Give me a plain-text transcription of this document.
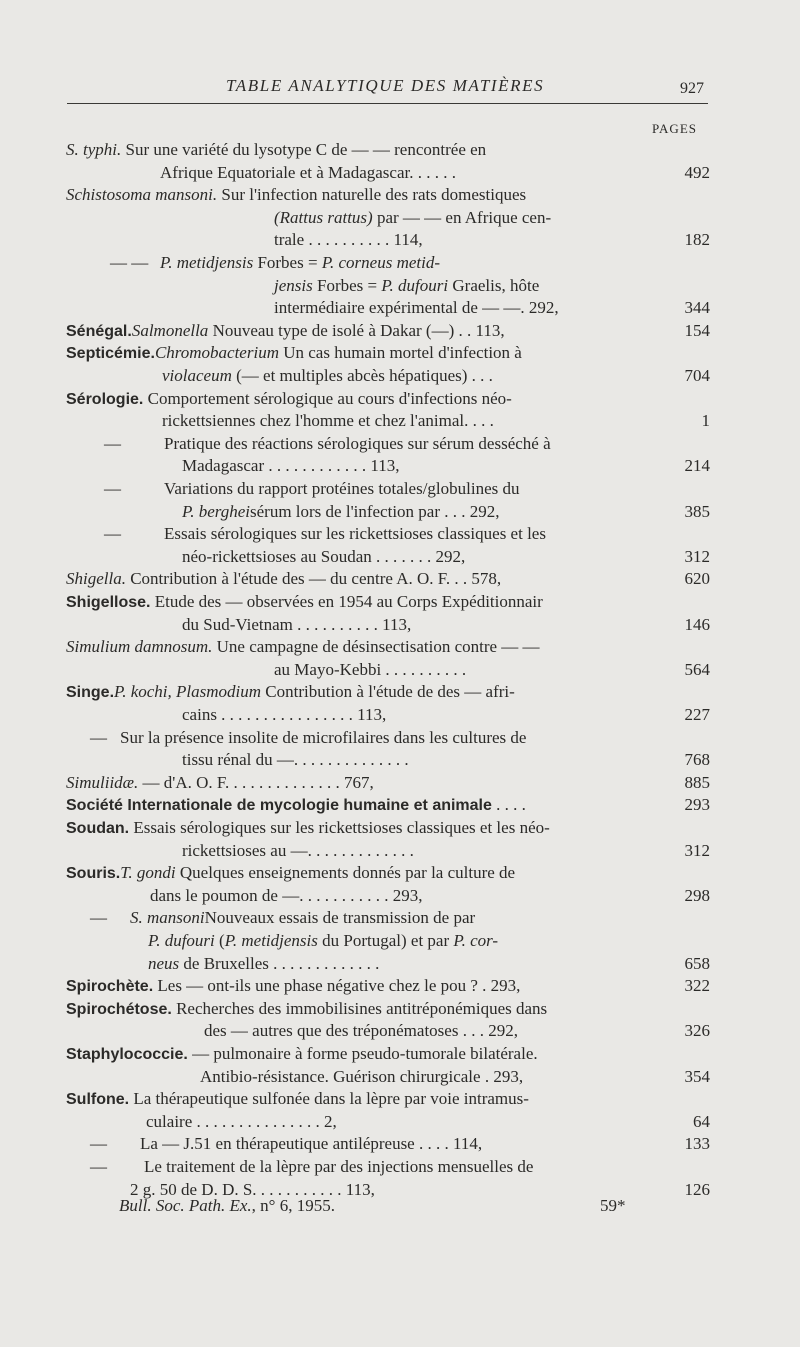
TABLE ANALYTIQUE DES MATIÈRES	927
PAGES
S. typhi. Sur une variété du lysotype C de — — rencontrée en
Afrique Equatoriale et à Madagascar. . . . . .	492
Schistosoma mansoni. Sur l'infection naturelle des rats domestiques
(Rattus rattus) par — — en Afrique cen-
trale . . . . . . . . . . 114,	182
— — P. metidjensis Forbes = P. corneus metid-
jensis Forbes = P. dufouri Graelis, hôte
intermédiaire expérimental de — —. 292,	344
Sénégal.Salmonella Nouveau type de isolé à Dakar (—) . . 113,	154
Septicémie.Chromobacterium Un cas humain mortel d'infection à
violaceum (— et multiples abcès hépatiques) . . .	704
Sérologie. Comportement sérologique au cours d'infections néo-
rickettsiennes chez l'homme et chez l'animal. . . .	1
—	Pratique des réactions sérologiques sur sérum desséché à
Madagascar . . . . . . . . . . . . 113,	214
—	Variations du rapport protéines totales/globulines du
P. bergheisérum lors de l'infection par . . . 292,	385
—	Essais sérologiques sur les rickettsioses classiques et les
néo-rickettsioses au Soudan . . . . . . . 292,	312
Shigella. Contribution à l'étude des — du centre A. O. F. . . 578,	620
Shigellose. Etude des — observées en 1954 au Corps Expéditionnair
du Sud-Vietnam . . . . . . . . . . 113,	146
Simulium damnosum. Une campagne de désinsectisation contre — —
au Mayo-Kebbi . . . . . . . . . .	564
Singe.P. kochi, Plasmodium Contribution à l'étude de des — afri-
cains . . . . . . . . . . . . . . . . 113,	227
— Sur la présence insolite de microfilaires dans les cultures de
tissu rénal du —. . . . . . . . . . . . . .	768
Simuliidæ. — d'A. O. F. . . . . . . . . . . . . . 767,	885
Société Internationale de mycologie humaine et animale . . . .	293
Soudan. Essais sérologiques sur les rickettsioses classiques et les néo-
rickettsioses au —. . . . . . . . . . . . .	312
Souris.T. gondi Quelques enseignements donnés par la culture de
dans le poumon de —. . . . . . . . . . . 293,	298
— S. mansoniNouveaux essais de transmission de par
P. dufouri (P. metidjensis du Portugal) et par P. cor-
neus de Bruxelles . . . . . . . . . . . . .	658
Spirochète. Les — ont-ils une phase négative chez le pou ? . 293,	322
Spirochétose. Recherches des immobilisines antitréponémiques dans
des — autres que des tréponématoses . . . 292,	326
Staphylococcie. — pulmonaire à forme pseudo-tumorale bilatérale.
Antibio-résistance. Guérison chirurgicale . 293,	354
Sulfone. La thérapeutique sulfonée dans la lèpre par voie intramus-
culaire . . . . . . . . . . . . . . . 2,	64
— La — J.51 en thérapeutique antilépreuse . . . . 114,	133
— Le traitement de la lèpre par des injections mensuelles de
2 g. 50 de D. D. S. . . . . . . . . . . 113,	126
Bull. Soc. Path. Ex., n° 6, 1955.	59*
